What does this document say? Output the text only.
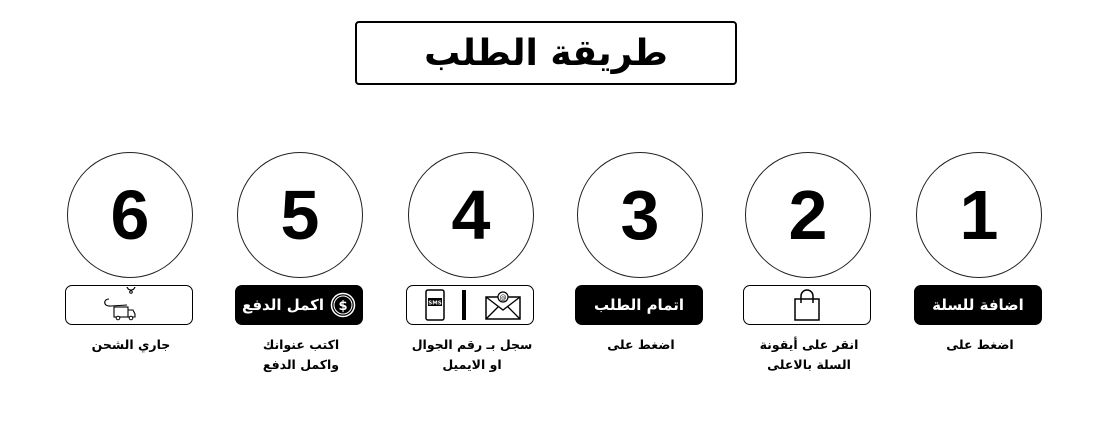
طريقة الطلب
6
جاري الشحن
5
اكمل الدفع $
اكتب عنوانك
واكمل الدفع
4
SMS
@
سجل بـ رقم الجوال
او الايميل
3
اتمام الطلب
اضغط على
2
انقر على أيقونة
السلة بالاعلى
1
اضافة للسلة
اضغط على
